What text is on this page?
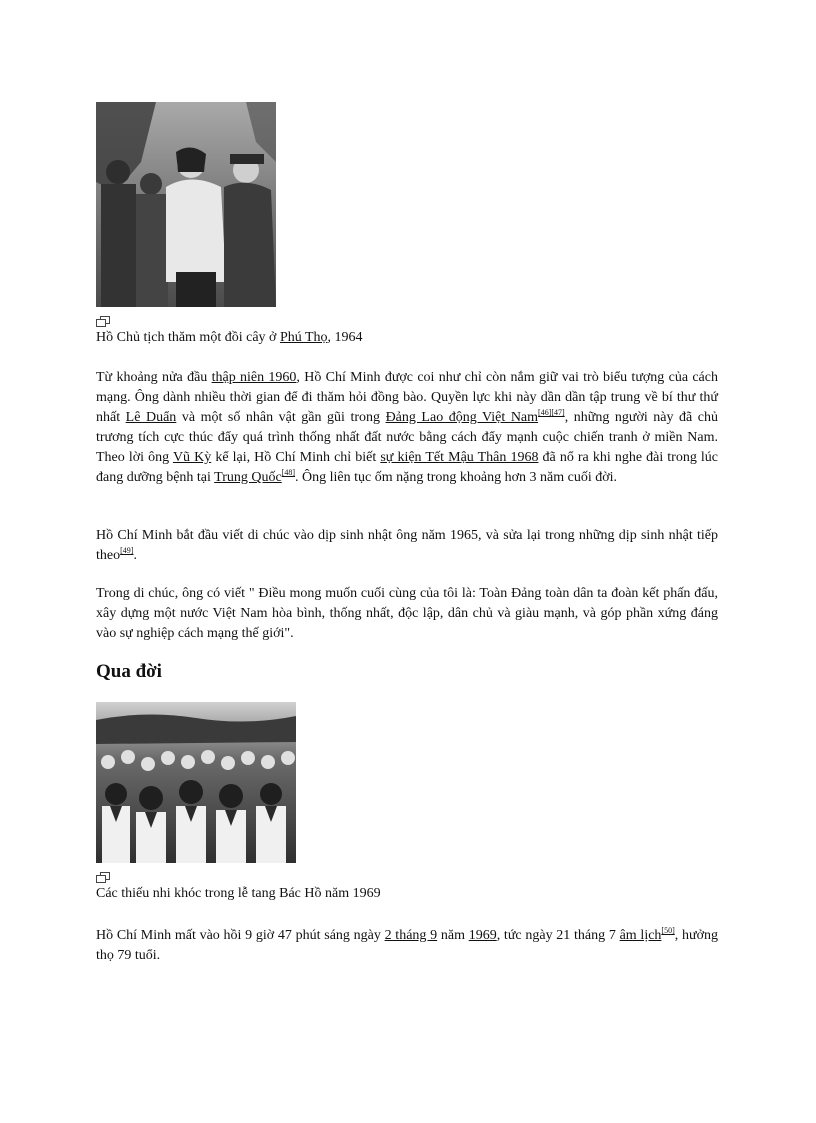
Hồ Chủ tịch thăm một đồi cây ở Phú Thọ, 1964

Từ khoảng nửa đầu thập niên 1960, Hồ Chí Minh được coi như chỉ còn nắm giữ vai trò biểu tượng của cách mạng. Ông dành nhiều thời gian để đi thăm hỏi đồng bào. Quyền lực khi này dần dần tập trung về bí thư thứ nhất Lê Duẩn và một số nhân vật gần gũi trong Đảng Lao động Việt Nam[46][47], những người này đã chủ trương tích cực thúc đẩy quá trình thống nhất đất nước bằng cách đẩy mạnh cuộc chiến tranh ở miền Nam. Theo lời ông Vũ Kỳ kể lại, Hồ Chí Minh chỉ biết sự kiện Tết Mậu Thân 1968 đã nổ ra khi nghe đài trong lúc đang dưỡng bệnh tại Trung Quốc[48]. Ông liên tục ốm nặng trong khoảng hơn 3 năm cuối đời.

Hồ Chí Minh bắt đầu viết di chúc vào dịp sinh nhật ông năm 1965, và sửa lại trong những dịp sinh nhật tiếp theo[49].

Trong di chúc, ông có viết " Điều mong muốn cuối cùng của tôi là: Toàn Đảng toàn dân ta đoàn kết phấn đấu, xây dựng một nước Việt Nam hòa bình, thống nhất, độc lập, dân chủ và giàu mạnh, và góp phần xứng đáng vào sự nghiệp cách mạng thế giới".

Qua đời

Các thiếu nhi khóc trong lễ tang Bác Hồ năm 1969

Hồ Chí Minh mất vào hồi 9 giờ 47 phút sáng ngày 2 tháng 9 năm 1969, tức ngày 21 tháng 7 âm lịch[50], hưởng thọ 79 tuổi.
